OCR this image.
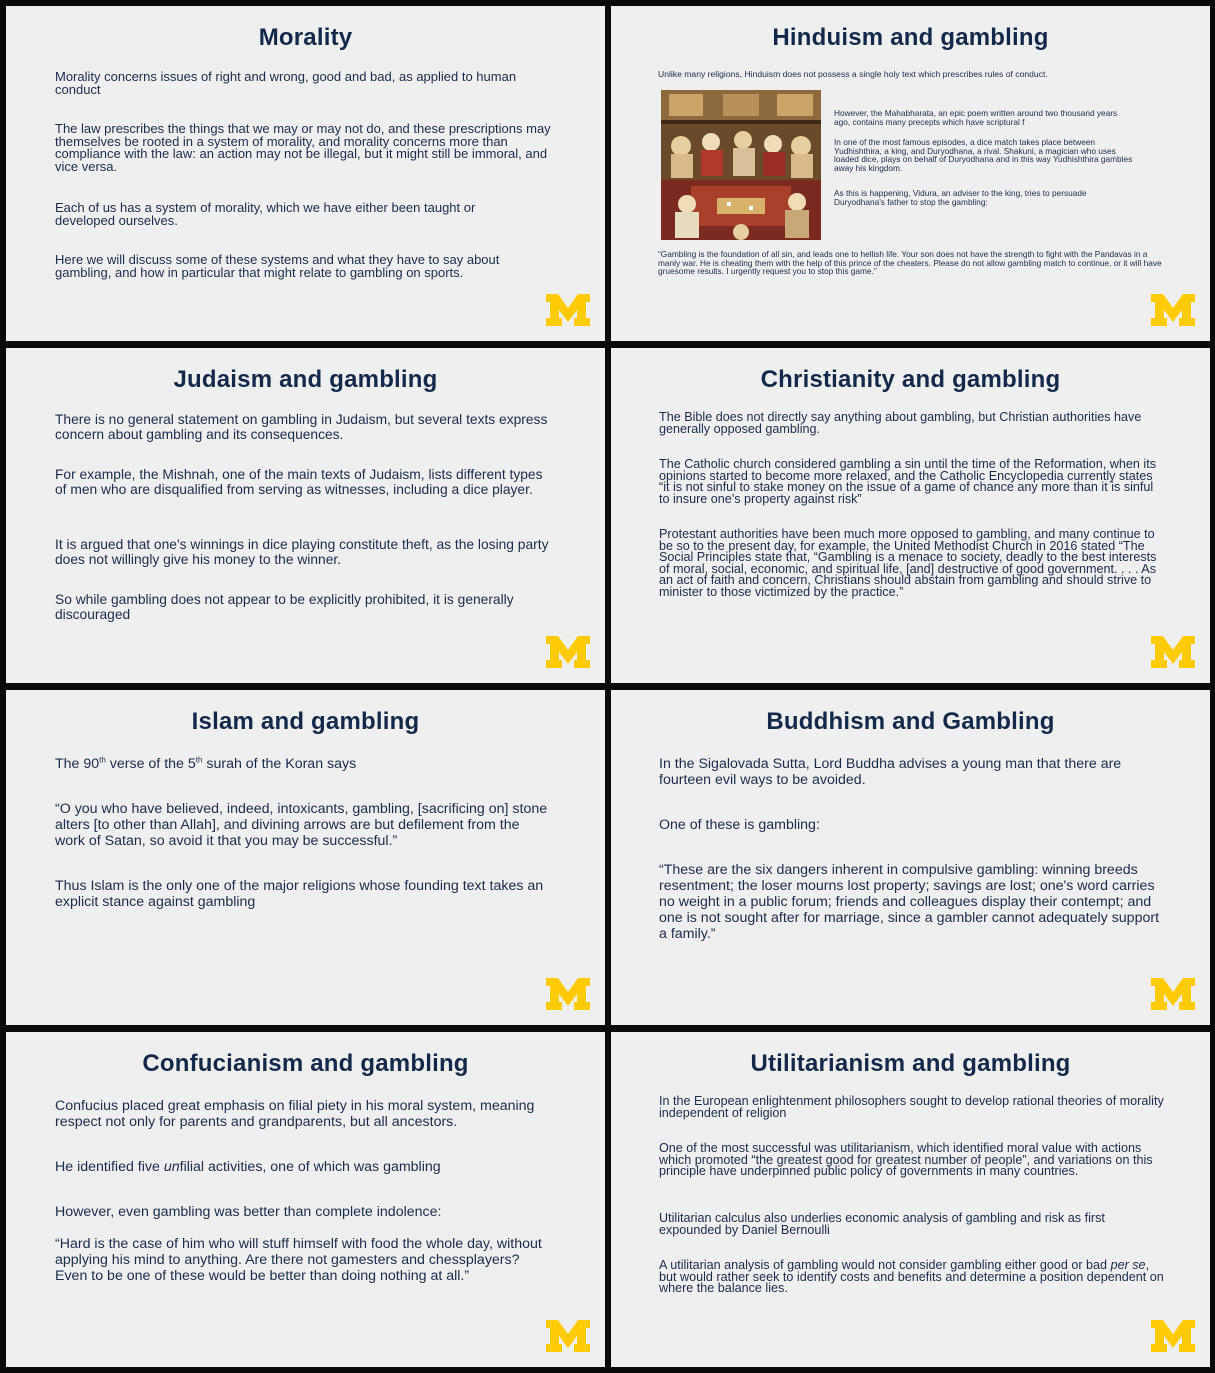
Morality

Morality concerns issues of right and wrong, good and bad, as applied to human conduct

The law prescribes the things that we may or may not do, and these prescriptions may themselves be rooted in a system of morality, and morality concerns more than compliance with the law: an action may not be illegal, but it might still be immoral, and vice versa.

Each of us has a system of morality, which we have either been taught or developed ourselves.

Here we will discuss some of these systems and what they have to say about gambling, and how in particular that might relate to gambling on sports.

Hinduism and gambling

Unlike many religions, Hinduism does not possess a single holy text which prescribes rules of conduct.

However, the Mahabharata, an epic poem written around two thousand years ago, contains many precepts which have scriptural f

In one of the most famous episodes, a dice match takes place between Yudhishthira, a king, and Duryodhana, a rival. Shakuni, a magician who uses loaded dice, plays on behalf of Duryodhana and in this way Yudhishthira gambles away his kingdom.

As this is happening, Vidura, an adviser to the king, tries to persuade Duryodhana's father to stop the gambling:

“Gambling is the foundation of all sin, and leads one to hellish life. Your son does not have the strength to fight with the Pandavas in a manly war. He is cheating them with the help of this prince of the cheaters. Please do not allow gambling match to continue, or it will have gruesome results. I urgently request you to stop this game.”

Judaism and gambling

There is no general statement on gambling in Judaism, but several texts express concern about gambling and its consequences.

For example, the Mishnah, one of the main texts of Judaism, lists different types of men who are disqualified from serving as witnesses, including a dice player.

It is argued that one's winnings in dice playing constitute theft, as the losing party does not willingly give his money to the winner.

So while gambling does not appear to be explicitly prohibited, it is generally discouraged

Christianity and gambling

The Bible does not directly say anything about gambling, but Christian authorities have generally opposed gambling.

The Catholic church considered gambling a sin until the time of the Reformation, when its opinions started to become more relaxed, and the Catholic Encyclopedia currently states “it is not sinful to stake money on the issue of a game of chance any more than it is sinful to insure one's property against risk”

Protestant authorities have been much more opposed to gambling, and many continue to be so to the present day, for example, the United Methodist Church in 2016 stated “The Social Principles state that, “Gambling is a menace to society, deadly to the best interests of moral, social, economic, and spiritual life, [and] destructive of good government. . . . As an act of faith and concern, Christians should abstain from gambling and should strive to minister to those victimized by the practice.”

Islam and gambling

The 90th verse of the 5th surah of the Koran says

“O you who have believed, indeed, intoxicants, gambling, [sacrificing on] stone alters [to other than Allah], and divining arrows are but defilement from the work of Satan, so avoid it that you may be successful.”

Thus Islam is the only one of the major religions whose founding text takes an explicit stance against gambling

Buddhism and Gambling

In the Sigalovada Sutta, Lord Buddha advises a young man that there are fourteen evil ways to be avoided.

One of these is gambling:

“These are the six dangers inherent in compulsive gambling: winning breeds resentment; the loser mourns lost property; savings are lost; one's word carries no weight in a public forum; friends and colleagues display their contempt; and one is not sought after for marriage, since a gambler cannot adequately support a family.”

Confucianism and gambling

Confucius placed great emphasis on filial piety in his moral system, meaning respect not only for parents and grandparents, but all ancestors.

He identified five unfilial activities, one of which was gambling

However, even gambling was better than complete indolence:

“Hard is the case of him who will stuff himself with food the whole day, without applying his mind to anything. Are there not gamesters and chessplayers? Even to be one of these would be better than doing nothing at all.”

Utilitarianism and gambling

In the European enlightenment philosophers sought to develop rational theories of morality independent of religion

One of the most successful was utilitarianism, which identified moral value with actions which promoted “the greatest good for greatest number of people”, and variations on this principle have underpinned public policy of governments in many countries.

Utilitarian calculus also underlies economic analysis of gambling and risk as first expounded by Daniel Bernoulli

A utilitarian analysis of gambling would not consider gambling either good or bad per se, but would rather seek to identify costs and benefits and determine a position dependent on where the balance lies.
